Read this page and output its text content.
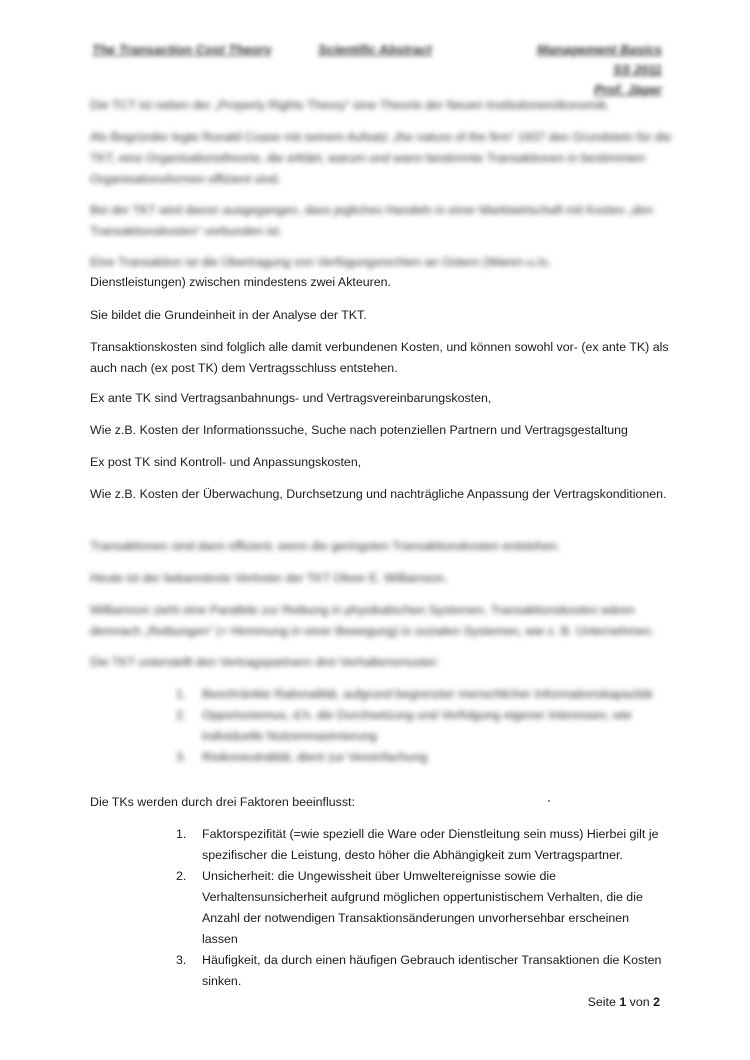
The Transaction Cost Theory	Scientific Abstract	Management Basics
SS 2011
Prof. Jäger

Die TCT ist neben der „Property Rights Theory“ eine Theorie der Neuen Institutionenökonomik.

Als Begründer legte Ronald Coase mit seinem Aufsatz „the nature of the firm“ 1937 den Grundstein für die TKT, eine Organisationstheorie, die erklärt, warum und wann bestimmte Transaktionen in bestimmten Organisationsformen effizient sind.

Bei der TKT wird davon ausgegangen, dass jegliches Handeln in einer Marktwirtschaft mit Kosten „den Transaktionskosten“ verbunden ist.

Eine Transaktion ist die Übertragung von Verfügungsrechten an Gütern (Waren u./o.

Dienstleistungen) zwischen mindestens zwei Akteuren.

Sie bildet die Grundeinheit in der Analyse der TKT.

Transaktionskosten sind folglich alle damit verbundenen Kosten, und können sowohl vor- (ex ante TK) als auch nach (ex post TK) dem Vertragsschluss entstehen.

Ex ante TK sind Vertragsanbahnungs- und Vertragsvereinbarungskosten,

Wie z.B. Kosten der Informationssuche, Suche nach potenziellen Partnern und Vertragsgestaltung

Ex post TK sind Kontroll- und Anpassungskosten,

Wie z.B. Kosten der Überwachung, Durchsetzung und nachträgliche Anpassung der Vertragskonditionen.

Transaktionen sind dann effizient, wenn die geringsten Transaktionskosten entstehen.

Heute ist der bekannteste Vertreter der TKT Oliver E. Williamson.

Williamson zieht eine Parallele zur Reibung in physikalischen Systemen, Transaktionskosten wären demnach „Reibungen“ (= Hemmung in einer Bewegung) in sozialen Systemen, wie z. B. Unternehmen.

Die TKT unterstellt den Vertragspartnern drei Verhaltensmuster:

1. Beschränkte Rationalität, aufgrund begrenzter menschlicher Informationskapazität
2. Opportunismus, d.h. die Durchsetzung und Verfolgung eigener Interessen, wie individuelle Nutzenmaximierung
3. Risikoneutralität, dient zur Vereinfachung

Die TKs werden durch drei Faktoren beeinflusst:

1. Faktorspezifität (=wie speziell die Ware oder Dienstleitung sein muss) Hierbei gilt je spezifischer die Leistung, desto höher die Abhängigkeit zum Vertragspartner.
2. Unsicherheit: die Ungewissheit über Umweltereignisse sowie die Verhaltensunsicherheit aufgrund möglichen oppertunistischem Verhalten, die die Anzahl der notwendigen Transaktionsänderungen unvorhersehbar erscheinen lassen
3. Häufigkeit, da durch einen häufigen Gebrauch identischer Transaktionen die Kosten sinken.
Seite 1 von 2
